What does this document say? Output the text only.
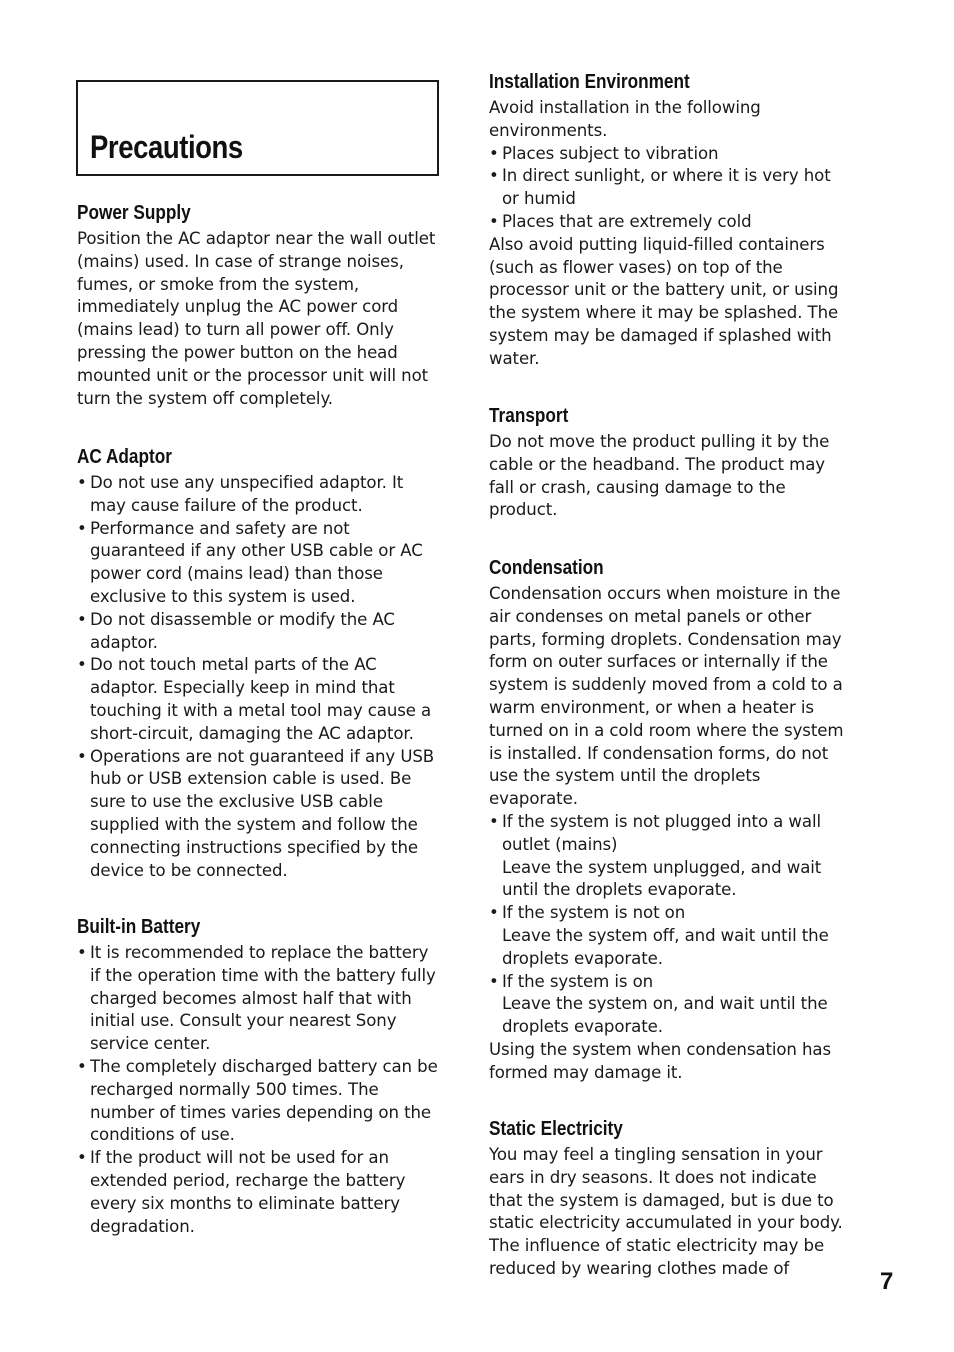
Precautions
Power Supply

Position the AC adaptor near the wall outlet (mains) used. In case of strange noises, fumes, or smoke from the system, immediately unplug the AC power cord (mains lead) to turn all power off. Only pressing the power button on the head mounted unit or the processor unit will not turn the system off completely.

AC Adaptor
• Do not use any unspecified adaptor. It may cause failure of the product.
• Performance and safety are not guaranteed if any other USB cable or AC power cord (mains lead) than those exclusive to this system is used.
• Do not disassemble or modify the AC adaptor.
• Do not touch metal parts of the AC adaptor. Especially keep in mind that touching it with a metal tool may cause a short-circuit, damaging the AC adaptor.
• Operations are not guaranteed if any USB hub or USB extension cable is used. Be sure to use the exclusive USB cable supplied with the system and follow the connecting instructions specified by the device to be connected.
Built-in Battery
• It is recommended to replace the battery if the operation time with the battery fully charged becomes almost half that with initial use. Consult your nearest Sony service center.
• The completely discharged battery can be recharged normally 500 times. The number of times varies depending on the conditions of use.
• If the product will not be used for an extended period, recharge the battery every six months to eliminate battery degradation.
Installation Environment

Avoid installation in the following environments.

• Places subject to vibration
• In direct sunlight, or where it is very hot or humid
• Places that are extremely cold

Also avoid putting liquid-filled containers (such as flower vases) on top of the processor unit or the battery unit, or using the system where it may be splashed. The system may be damaged if splashed with water.

Transport

Do not move the product pulling it by the cable or the headband. The product may fall or crash, causing damage to the product.

Condensation

Condensation occurs when moisture in the air condenses on metal panels or other parts, forming droplets. Condensation may form on outer surfaces or internally if the system is suddenly moved from a cold to a warm environment, or when a heater is turned on in a cold room where the system is installed. If condensation forms, do not use the system until the droplets evaporate.

• If the system is not plugged into a wall outlet (mains)
Leave the system unplugged, and wait until the droplets evaporate.
• If the system is not on
Leave the system off, and wait until the droplets evaporate.
• If the system is on
Leave the system on, and wait until the droplets evaporate.

Using the system when condensation has formed may damage it.

Static Electricity

You may feel a tingling sensation in your ears in dry seasons. It does not indicate that the system is damaged, but is due to static electricity accumulated in your body. The influence of static electricity may be reduced by wearing clothes made of	7
